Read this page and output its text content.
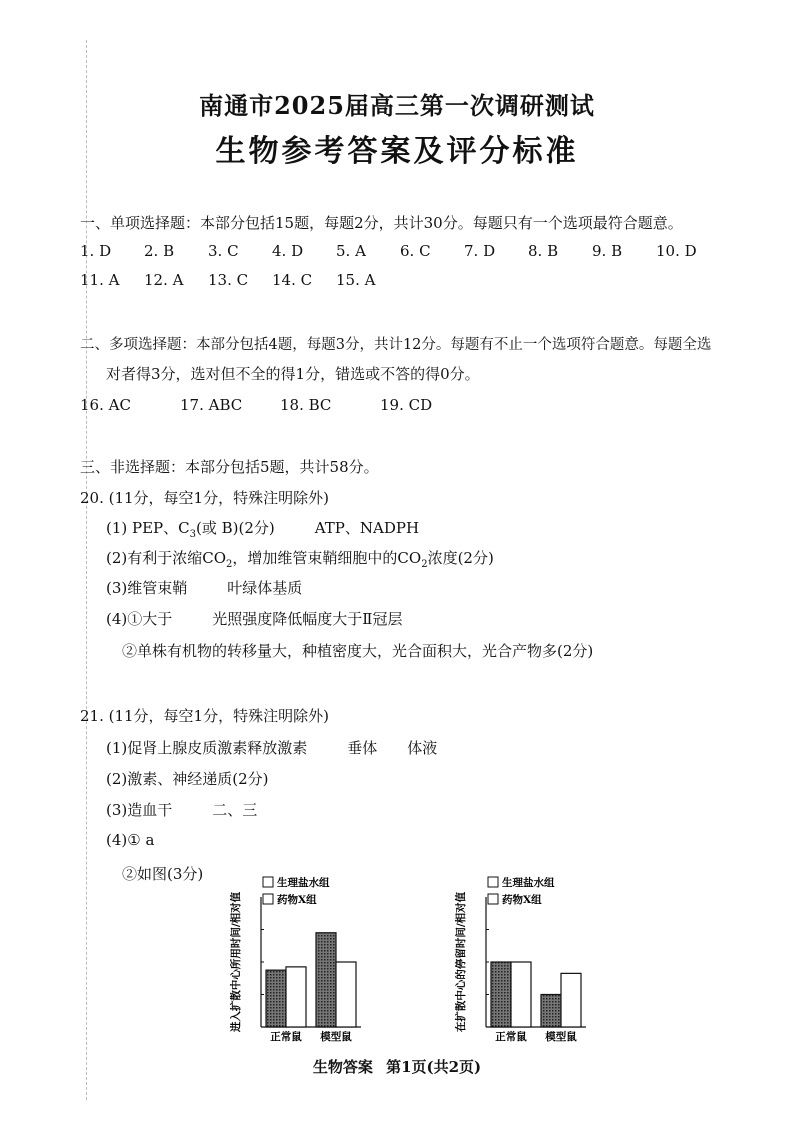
南通市2025届高三第一次调研测试
生物参考答案及评分标准
一、单项选择题：本部分包括15题，每题2分，共计30分。每题只有一个选项最符合题意。
1. D 2. B 3. C 4. D 5. A 6. C 7. D 8. B 9. B 10. D
11. A 12. A 13. C 14. C 15. A
二、多项选择题：本部分包括4题，每题3分，共计12分。每题有不止一个选项符合题意。每题全选
对者得3分，选对但不全的得1分，错选或不答的得0分。
16. AC	17. ABC	18. BC	19. CD
三、非选择题：本部分包括5题，共计58分。
20. (11分，每空1分，特殊注明除外)
(1) PEP、$C_3$(或 B)(2分)	ATP、NADPH
(2)有利于浓缩$CO_2$，增加维管束鞘细胞中的$CO_2$浓度(2分)
(3)维管束鞘	叶绿体基质
(4)①大于	光照强度降低幅度大于Ⅱ冠层
②单株有机物的转移量大，种植密度大，光合面积大，光合产物多(2分)
21. (11分，每空1分，特殊注明除外)
(1)促肾上腺皮质激素释放激素	垂体 体液
(2)激素、神经递质(2分)
(3)造血干	二、三
(4)① a
②如图(3分)
进入扩散中心所用时间/相对值
正常鼠 模型鼠
生理盐水组
药物X组	在扩散中心的停留时间/相对值
正常鼠 模型鼠
生理盐水组
药物X组
生物答案 第1页(共2页)
